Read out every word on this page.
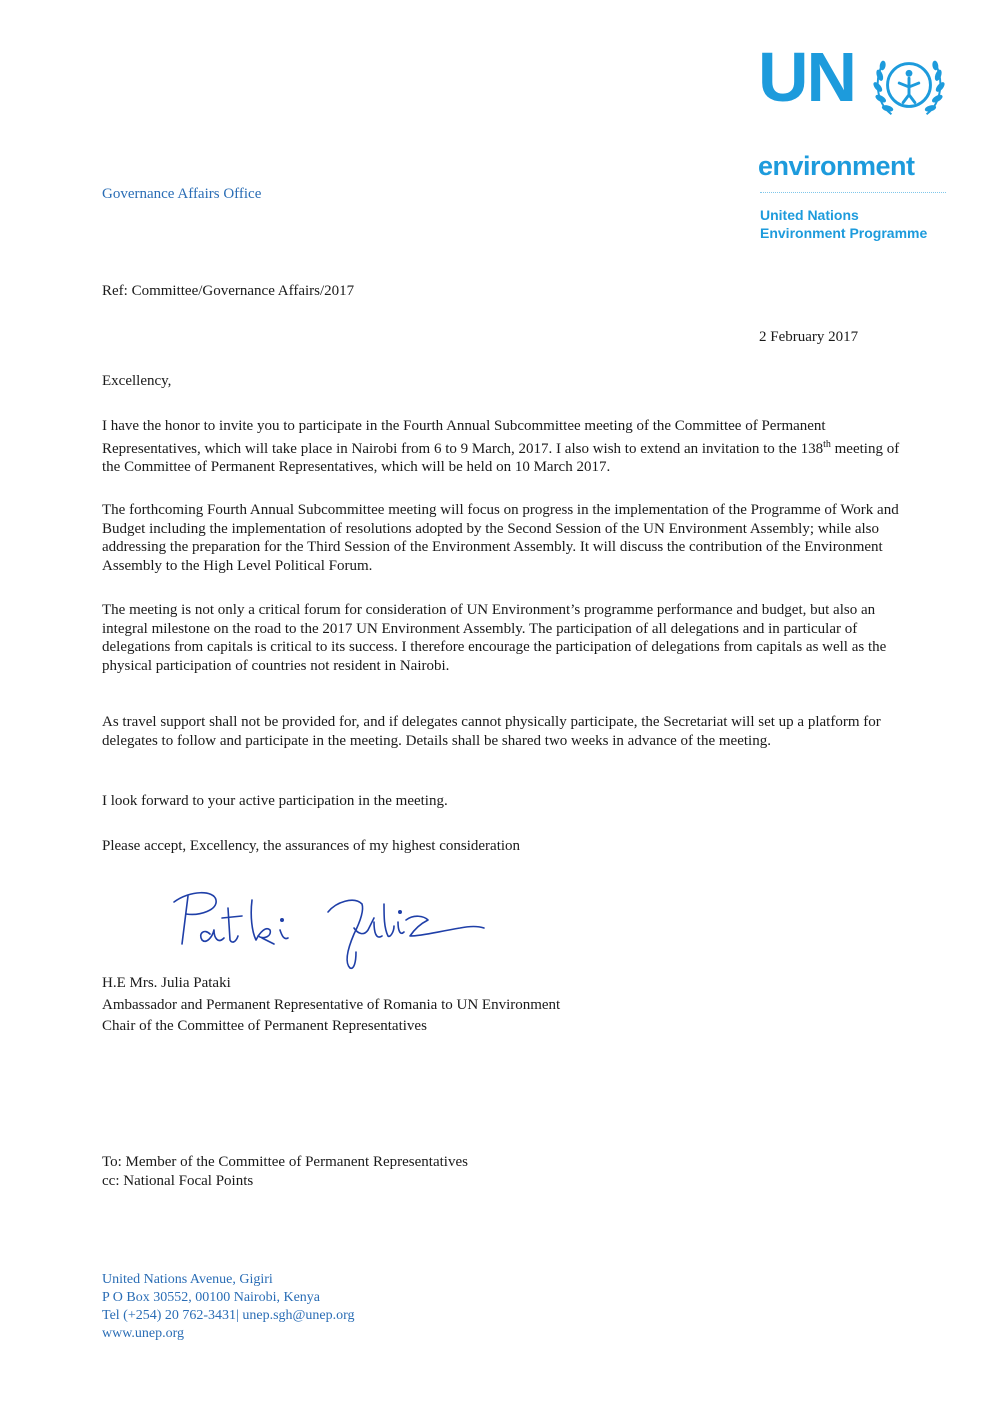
UN
environment
United Nations
Environment Programme
Governance Affairs Office
Ref: Committee/Governance Affairs/2017
2 February 2017
Excellency,
I have the honor to invite you to participate in the Fourth Annual Subcommittee meeting of the Committee of Permanent Representatives, which will take place in Nairobi from 6 to 9 March, 2017. I also wish to extend an invitation to the 138th meeting of the Committee of Permanent Representatives, which will be held on 10 March 2017.
The forthcoming Fourth Annual Subcommittee meeting will focus on progress in the implementation of the Programme of Work and Budget including the implementation of resolutions adopted by the Second Session of the UN Environment Assembly; while also addressing the preparation for the Third Session of the Environment Assembly. It will discuss the contribution of the Environment Assembly to the High Level Political Forum.
The meeting is not only a critical forum for consideration of UN Environment’s programme performance and budget, but also an integral milestone on the road to the 2017 UN Environment Assembly. The participation of all delegations and in particular of delegations from capitals is critical to its success. I therefore encourage the participation of delegations from capitals as well as the physical participation of countries not resident in Nairobi.
As travel support shall not be provided for, and if delegates cannot physically participate, the Secretariat will set up a platform for delegates to follow and participate in the meeting. Details shall be shared two weeks in advance of the meeting.
I look forward to your active participation in the meeting.
Please accept, Excellency, the assurances of my highest consideration
H.E Mrs. Julia Pataki
Ambassador and Permanent Representative of Romania to UN Environment
Chair of the Committee of Permanent Representatives
To: Member of the Committee of Permanent Representatives
cc: National Focal Points
United Nations Avenue, Gigiri
P O Box 30552, 00100 Nairobi, Kenya
Tel (+254) 20 762-3431| unep.sgh@unep.org
www.unep.org
